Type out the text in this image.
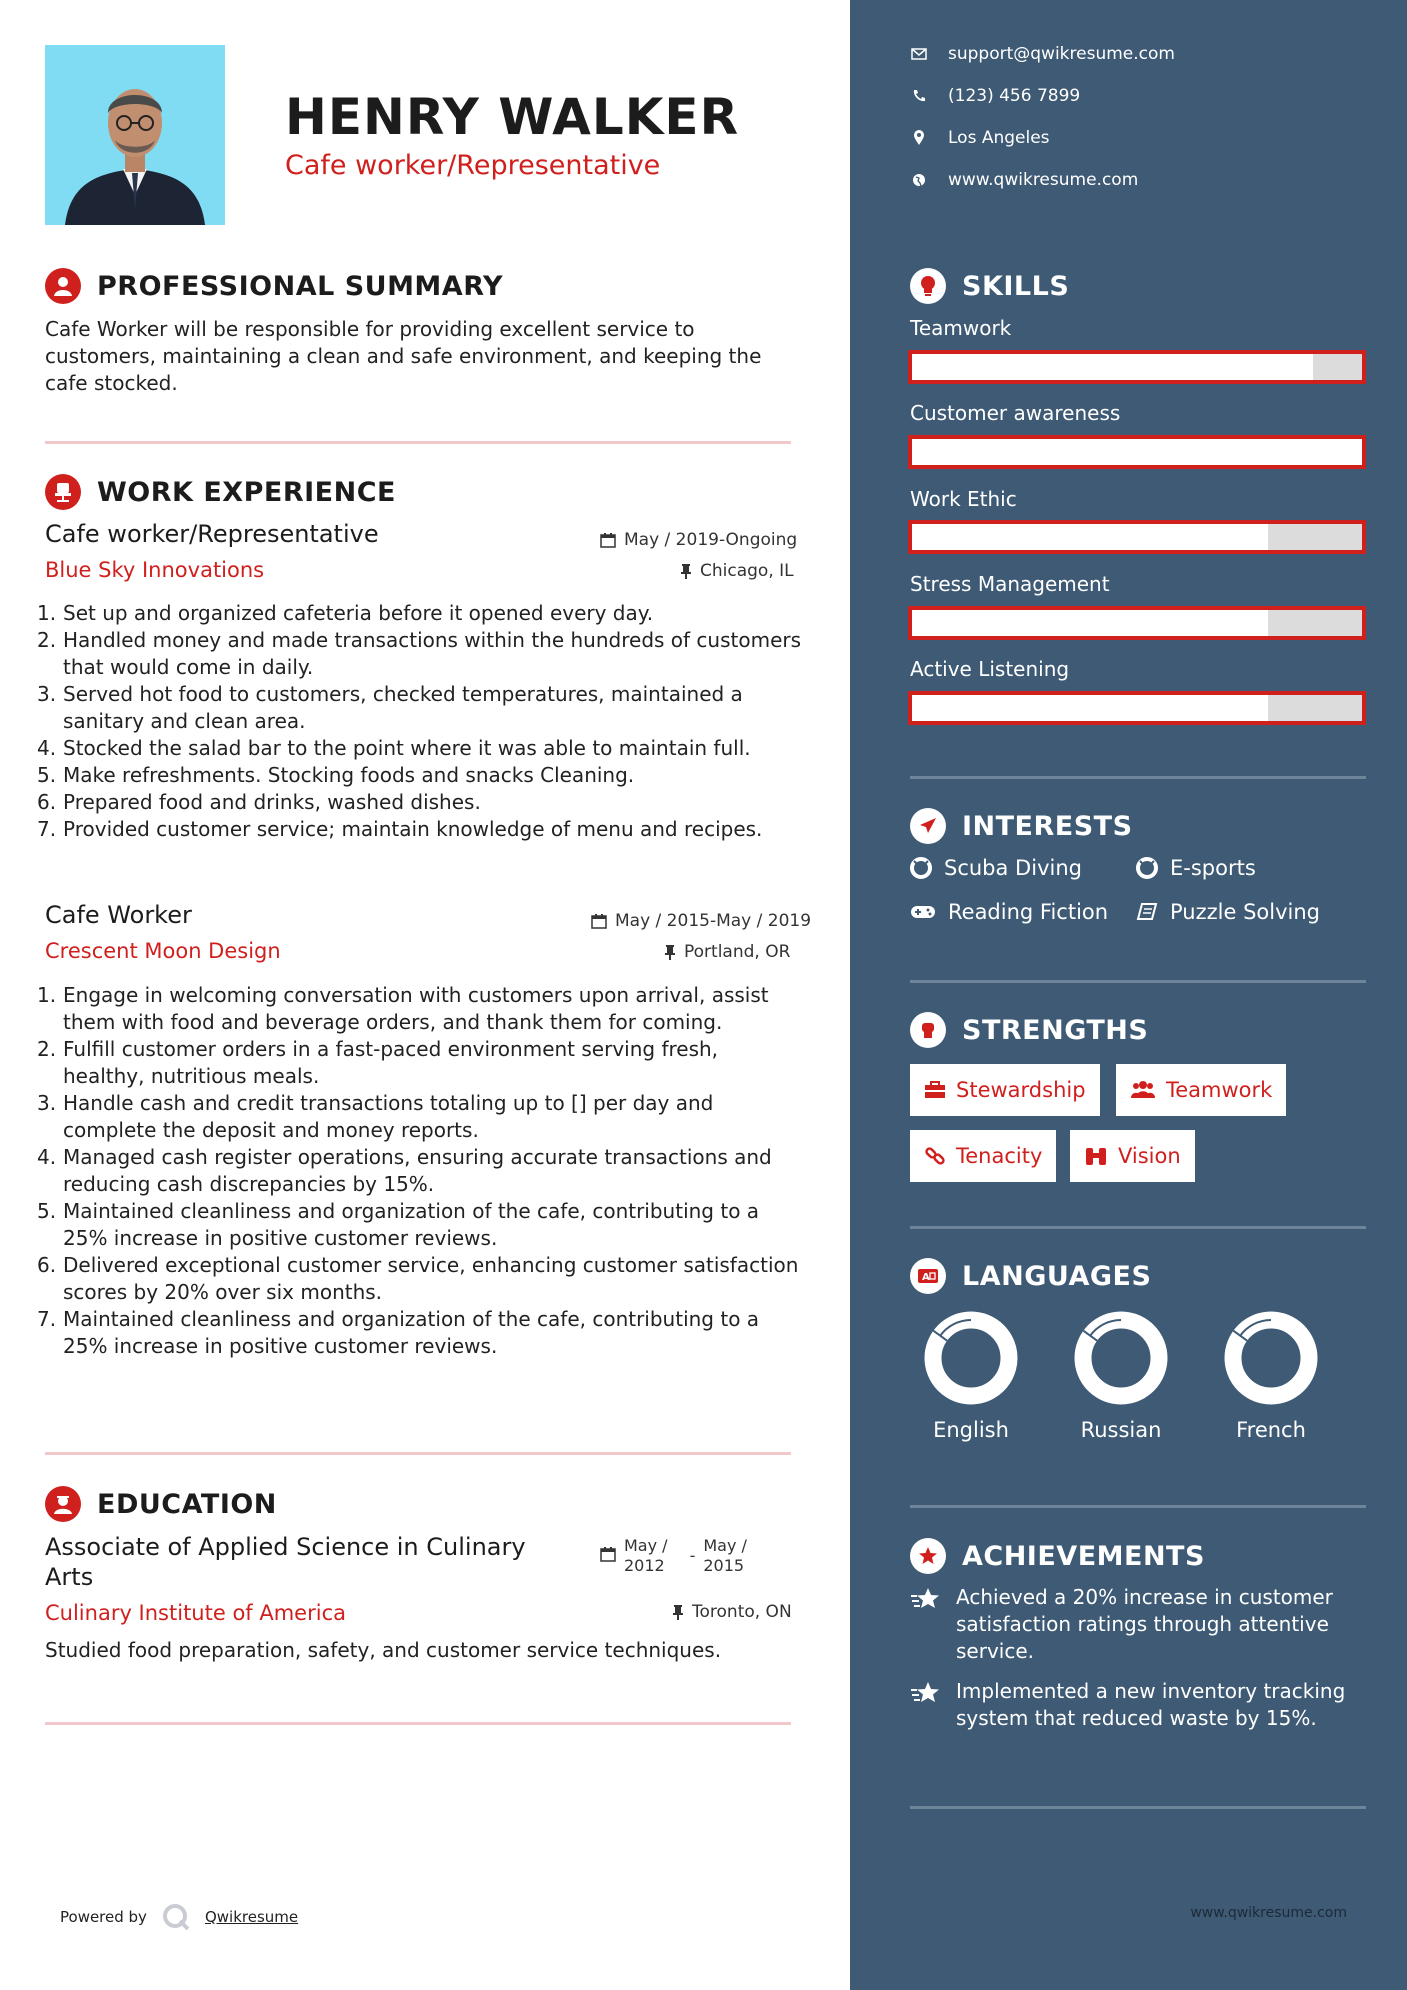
HENRY WALKER
Cafe worker/Representative
PROFESSIONAL SUMMARY
Cafe Worker will be responsible for providing excellent service to customers, maintaining a clean and safe environment, and keeping the cafe stocked.
WORK EXPERIENCE
Cafe worker/Representative	May / 2019-Ongoing
Blue Sky Innovations	Chicago, IL
1. Set up and organized cafeteria before it opened every day.
2. Handled money and made transactions within the hundreds of customers that would come in daily.
3. Served hot food to customers, checked temperatures, maintained a sanitary and clean area.
4. Stocked the salad bar to the point where it was able to maintain full.
5. Make refreshments. Stocking foods and snacks Cleaning.
6. Prepared food and drinks, washed dishes.
7. Provided customer service; maintain knowledge of menu and recipes.
Cafe Worker	May / 2015-May / 2019
Crescent Moon Design	Portland, OR
1. Engage in welcoming conversation with customers upon arrival, assist them with food and beverage orders, and thank them for coming.
2. Fulfill customer orders in a fast-paced environment serving fresh, healthy, nutritious meals.
3. Handle cash and credit transactions totaling up to [] per day and complete the deposit and money reports.
4. Managed cash register operations, ensuring accurate transactions and reducing cash discrepancies by 15%.
5. Maintained cleanliness and organization of the cafe, contributing to a 25% increase in positive customer reviews.
6. Delivered exceptional customer service, enhancing customer satisfaction scores by 20% over six months.
7. Maintained cleanliness and organization of the cafe, contributing to a 25% increase in positive customer reviews.
EDUCATION
Associate of Applied Science in Culinary
Arts
May /
2012
-
May /
2015
Culinary Institute of America	Toronto, ON
Studied food preparation, safety, and customer service techniques.
Powered by	Qwikresume
support@qwikresume.com
(123) 456 7899
Los Angeles
www.qwikresume.com
SKILLS
Teamwork
Customer awareness
Work Ethic
Stress Management
Active Listening
INTERESTS
Scuba Diving	E-sports
Reading Fiction	Puzzle Solving
STRENGTHS
Stewardship	Teamwork
Tenacity	Vision
A LANGUAGES
English	Russian	French
ACHIEVEMENTS
Achieved a 20% increase in customer satisfaction ratings through attentive service.
Implemented a new inventory tracking system that reduced waste by 15%.
www.qwikresume.com
